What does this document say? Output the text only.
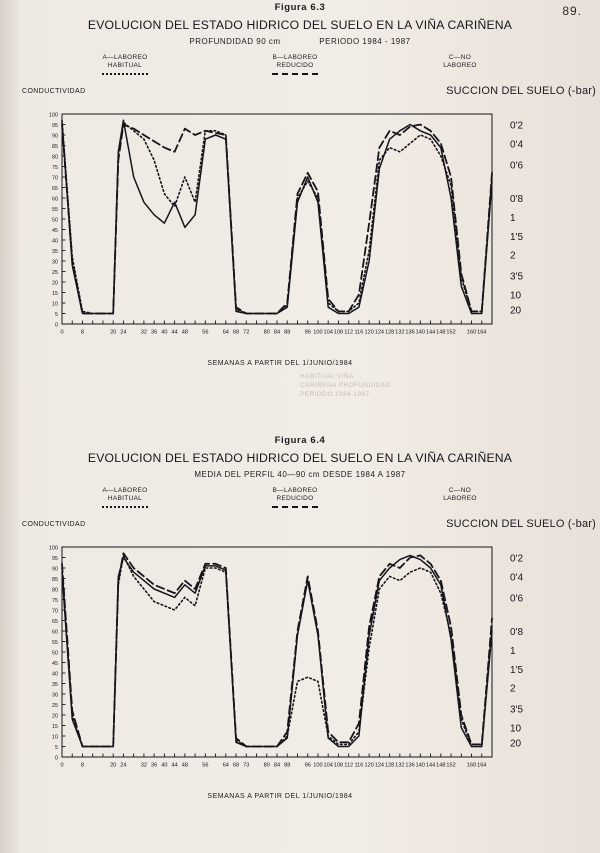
89.
Figura 6.3
EVOLUCION DEL ESTADO HIDRICO DEL SUELO EN LA VIÑA CARIÑENA
PROFUNDIDAD 90 cm	PERIODO 1984 - 1987
A—LABOREO
HABITUAL
B—LABOREO
REDUCIDO
C—NO
LABOREO
CONDUCTIVIDAD	SUCCION DEL SUELO (-bar)
0
5
10
15
20
25
30
35
40
45
50
55
60
65
70
75
80
85
90
95
100
0	8	20 24	32 36 40 44 48	56	64 68 72	80 84 88	96 100 104 108 112 116 120 124 128 132 136 140 144 148 152 160 164
0'2
0'4
0'6
0'8
1
1'5
2
3'5
10
20
SEMANAS A PARTIR DEL 1/JUNIO/1984
HABITUAL VIÑA
CARIÑENA PROFUNDIDAD
PERIODO 1984-1987
Figura 6.4
EVOLUCION DEL ESTADO HIDRICO DEL SUELO EN LA VIÑA CARIÑENA
MEDIA DEL PERFIL 40—90 cm DESDE 1984 A 1987
A—LABOREO
HABITUAL
B—LABOREO
REDUCIDO
C—NO
LABOREO
CONDUCTIVIDAD	SUCCION DEL SUELO (-bar)
0
5
10
15
20
25
30
35
40
45
50
55
60
65
70
75
80
85
90
95
100
0	8	20 24	32 36 40 44 48	56	64 68 73	80 84 88	96 100 104 108 112 116 120 124 128 132 136 140 144 148 152 160 164
0'2
0'4
0'6
0'8
1
1'5
2
3'5
10
20
SEMANAS A PARTIR DEL 1/JUNIO/1984
